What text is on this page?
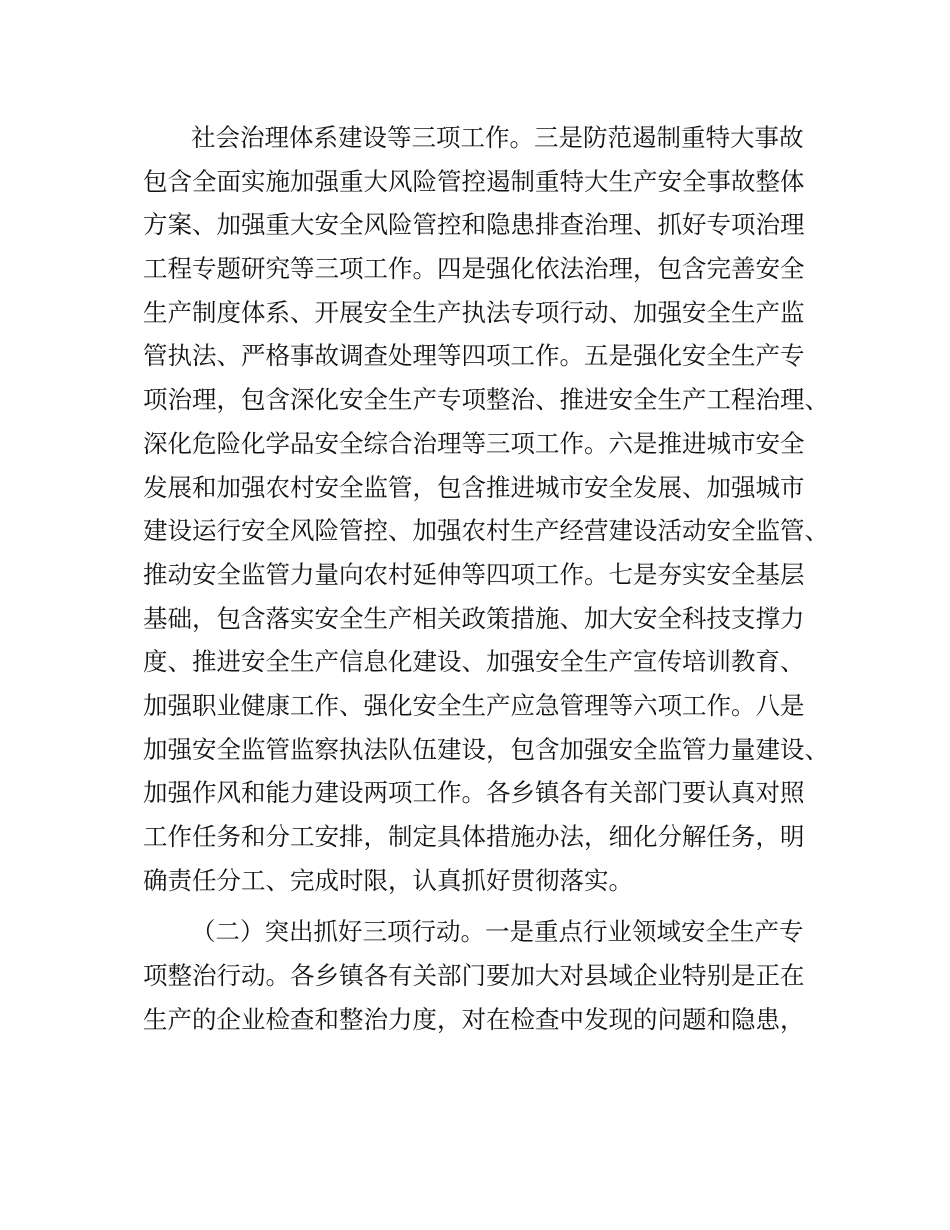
社会治理体系建设等三项工作。三是防范遏制重特大事故
包含全面实施加强重大风险管控遏制重特大生产安全事故整体
方案、加强重大安全风险管控和隐患排查治理、抓好专项治理
工程专题研究等三项工作。四是强化依法治理，包含完善安全
生产制度体系、开展安全生产执法专项行动、加强安全生产监
管执法、严格事故调查处理等四项工作。五是强化安全生产专
项治理，包含深化安全生产专项整治、推进安全生产工程治理、
深化危险化学品安全综合治理等三项工作。六是推进城市安全
发展和加强农村安全监管，包含推进城市安全发展、加强城市
建设运行安全风险管控、加强农村生产经营建设活动安全监管、
推动安全监管力量向农村延伸等四项工作。七是夯实安全基层
基础，包含落实安全生产相关政策措施、加大安全科技支撑力
度、推进安全生产信息化建设、加强安全生产宣传培训教育、
加强职业健康工作、强化安全生产应急管理等六项工作。八是
加强安全监管监察执法队伍建设，包含加强安全监管力量建设、
加强作风和能力建设两项工作。各乡镇各有关部门要认真对照
工作任务和分工安排，制定具体措施办法，细化分解任务，明
确责任分工、完成时限，认真抓好贯彻落实。
（二）突出抓好三项行动。一是重点行业领域安全生产专
项整治行动。各乡镇各有关部门要加大对县域企业特别是正在
生产的企业检查和整治力度，对在检查中发现的问题和隐患，
